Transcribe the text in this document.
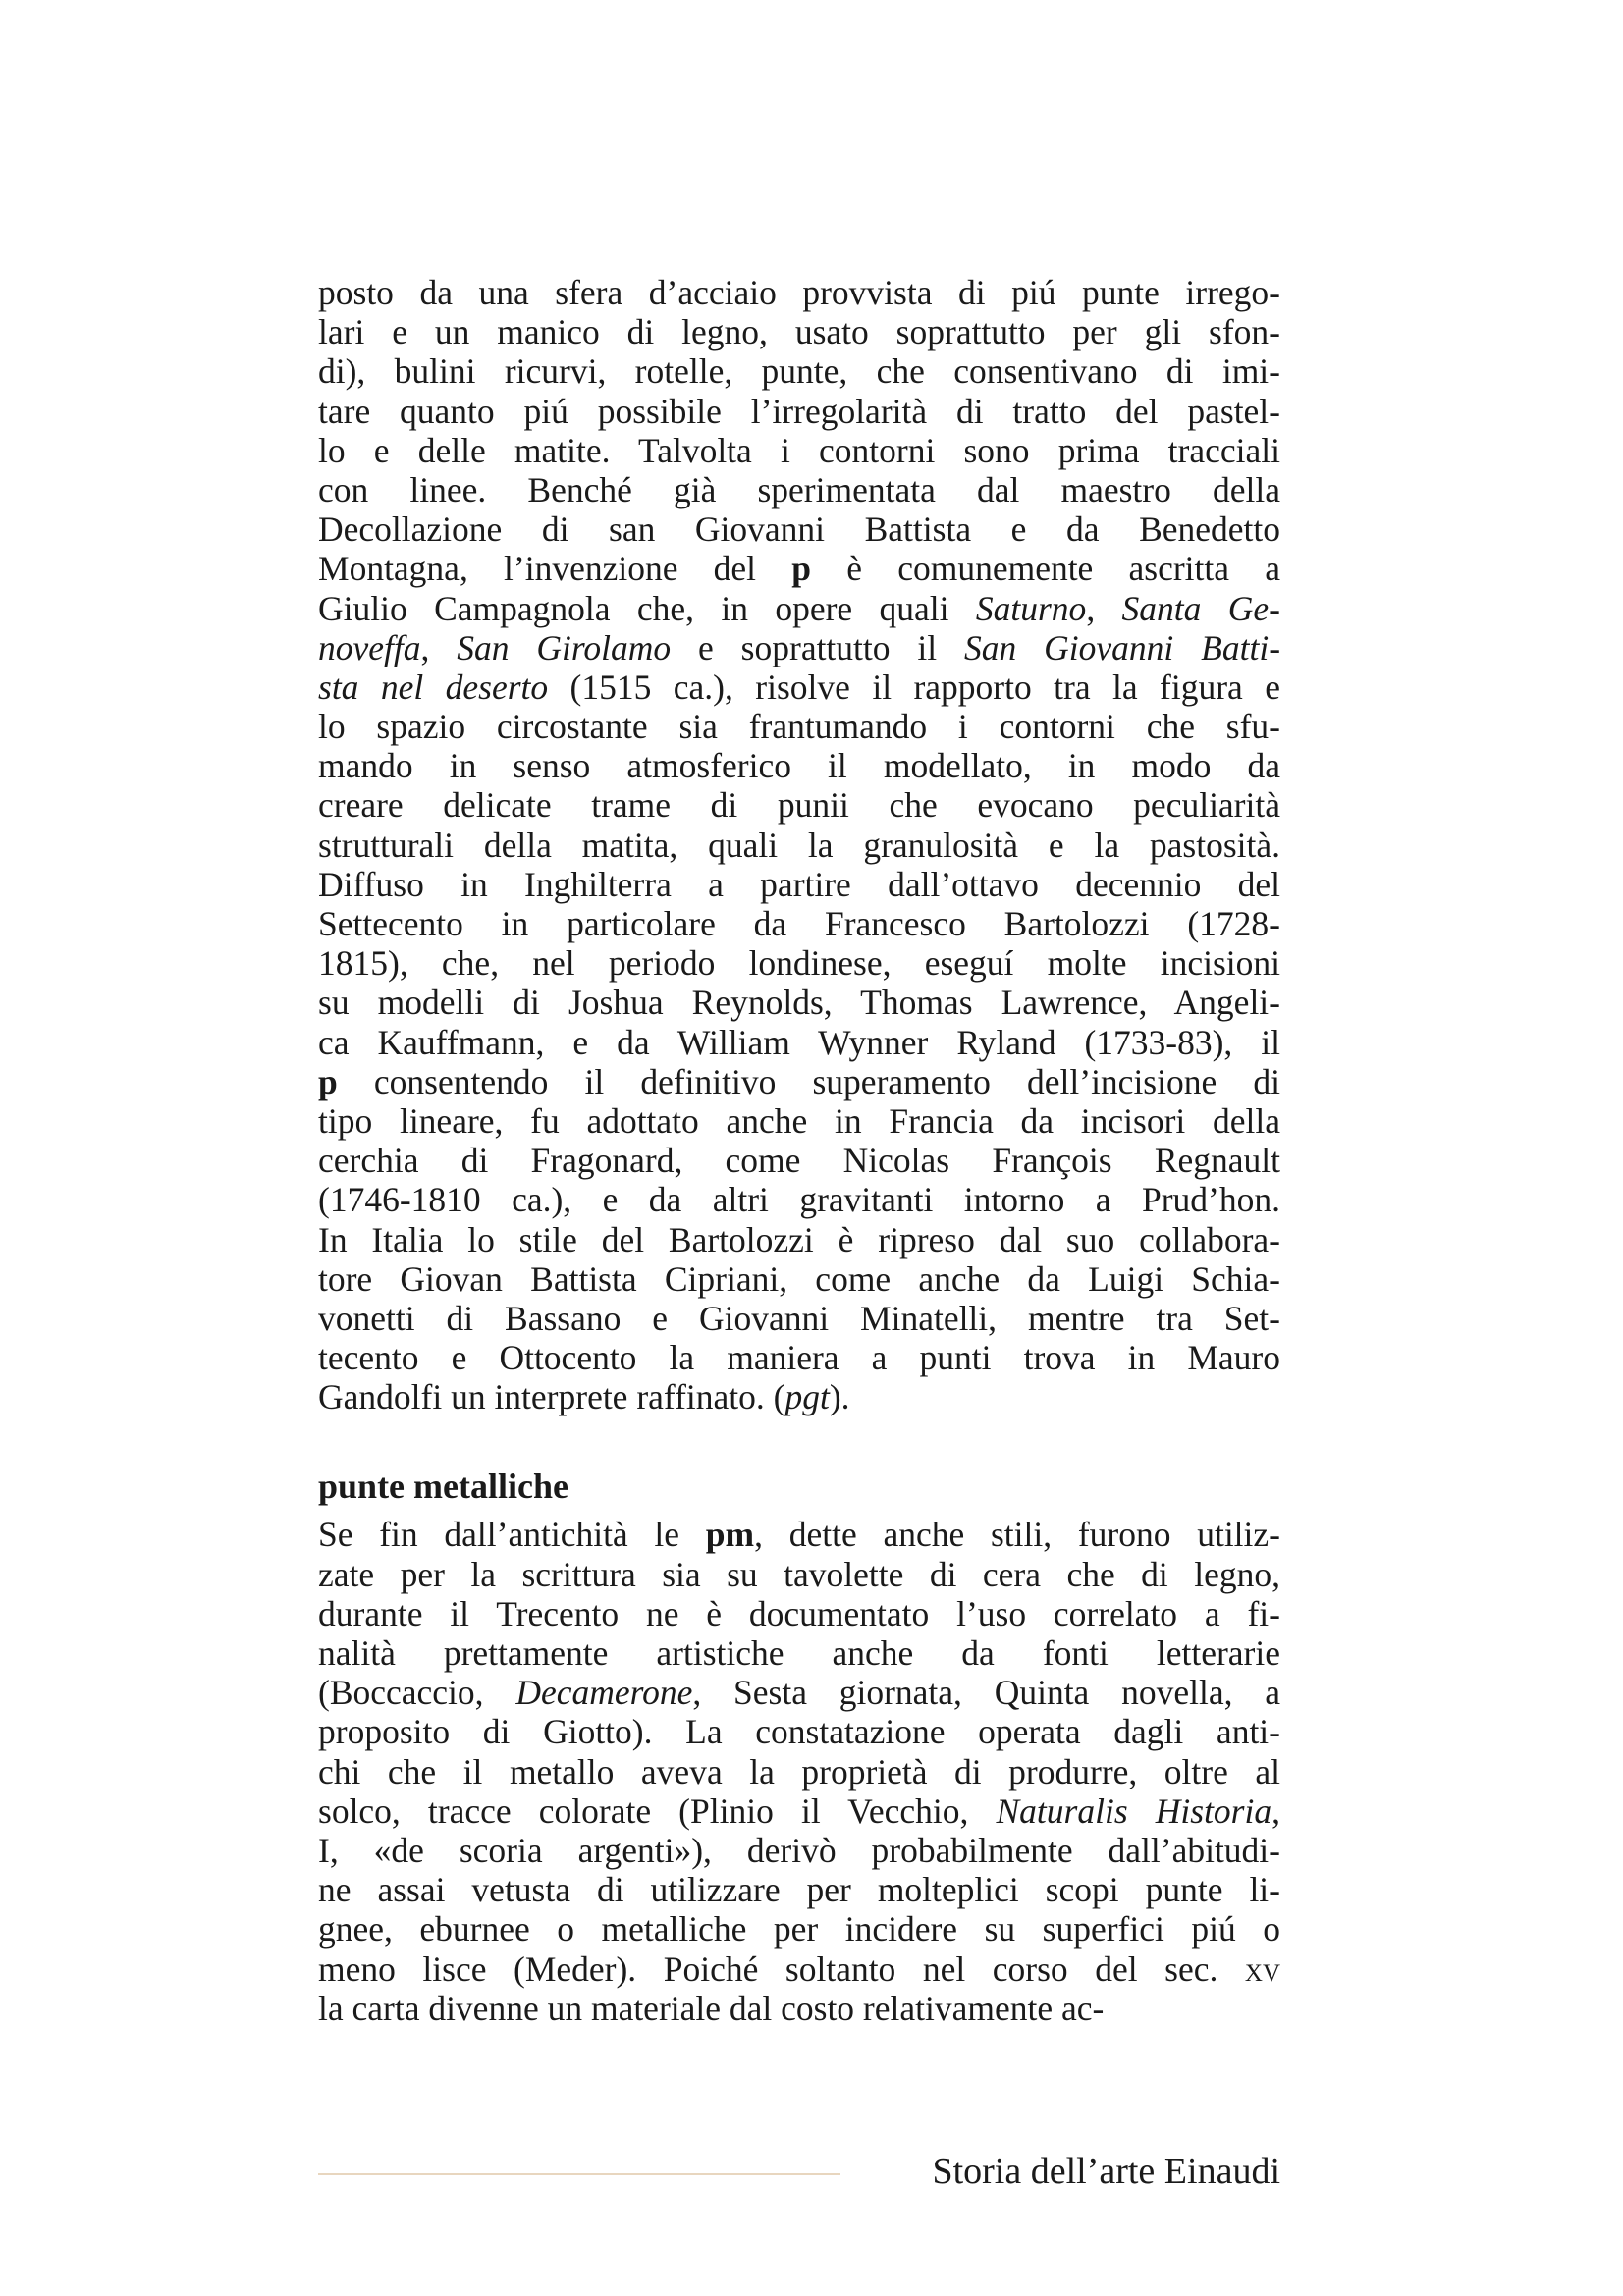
posto da una sfera d’acciaio provvista di piú punte irrego-
lari e un manico di legno, usato soprattutto per gli sfon-
di), bulini ricurvi, rotelle, punte, che consentivano di imi-
tare quanto piú possibile l’irregolarità di tratto del pastel-
lo e delle matite. Talvolta i contorni sono prima tracciali
con linee. Benché già sperimentata dal maestro della
Decollazione di san Giovanni Battista e da Benedetto
Montagna, l’invenzione del p è comunemente ascritta a
Giulio Campagnola che, in opere quali Saturno, Santa Ge-
noveffa, San Girolamo e soprattutto il San Giovanni Batti-
sta nel deserto (1515 ca.), risolve il rapporto tra la figura e
lo spazio circostante sia frantumando i contorni che sfu-
mando in senso atmosferico il modellato, in modo da
creare delicate trame di punii che evocano peculiarità
strutturali della matita, quali la granulosità e la pastosità.
Diffuso in Inghilterra a partire dall’ottavo decennio del
Settecento in particolare da Francesco Bartolozzi (1728-
1815), che, nel periodo londinese, eseguí molte incisioni
su modelli di Joshua Reynolds, Thomas Lawrence, Angeli-
ca Kauffmann, e da William Wynner Ryland (1733-83), il
p consentendo il definitivo superamento dell’incisione di
tipo lineare, fu adottato anche in Francia da incisori della
cerchia di Fragonard, come Nicolas François Regnault
(1746-1810 ca.), e da altri gravitanti intorno a Prud’hon.
In Italia lo stile del Bartolozzi è ripreso dal suo collabora-
tore Giovan Battista Cipriani, come anche da Luigi Schia-
vonetti di Bassano e Giovanni Minatelli, mentre tra Set-
tecento e Ottocento la maniera a punti trova in Mauro
Gandolfi un interprete raffinato. (pgt).
punte metalliche
Se fin dall’antichità le pm, dette anche stili, furono utiliz-
zate per la scrittura sia su tavolette di cera che di legno,
durante il Trecento ne è documentato l’uso correlato a fi-
nalità prettamente artistiche anche da fonti letterarie
(Boccaccio, Decamerone, Sesta giornata, Quinta novella, a
proposito di Giotto). La constatazione operata dagli anti-
chi che il metallo aveva la proprietà di produrre, oltre al
solco, tracce colorate (Plinio il Vecchio, Naturalis Historia,
I, «de scoria argenti»), derivò probabilmente dall’abitudi-
ne assai vetusta di utilizzare per molteplici scopi punte li-
gnee, eburnee o metalliche per incidere su superfici piú o
meno lisce (Meder). Poiché soltanto nel corso del sec. xv
la carta divenne un materiale dal costo relativamente ac-
Storia dell’arte Einaudi
